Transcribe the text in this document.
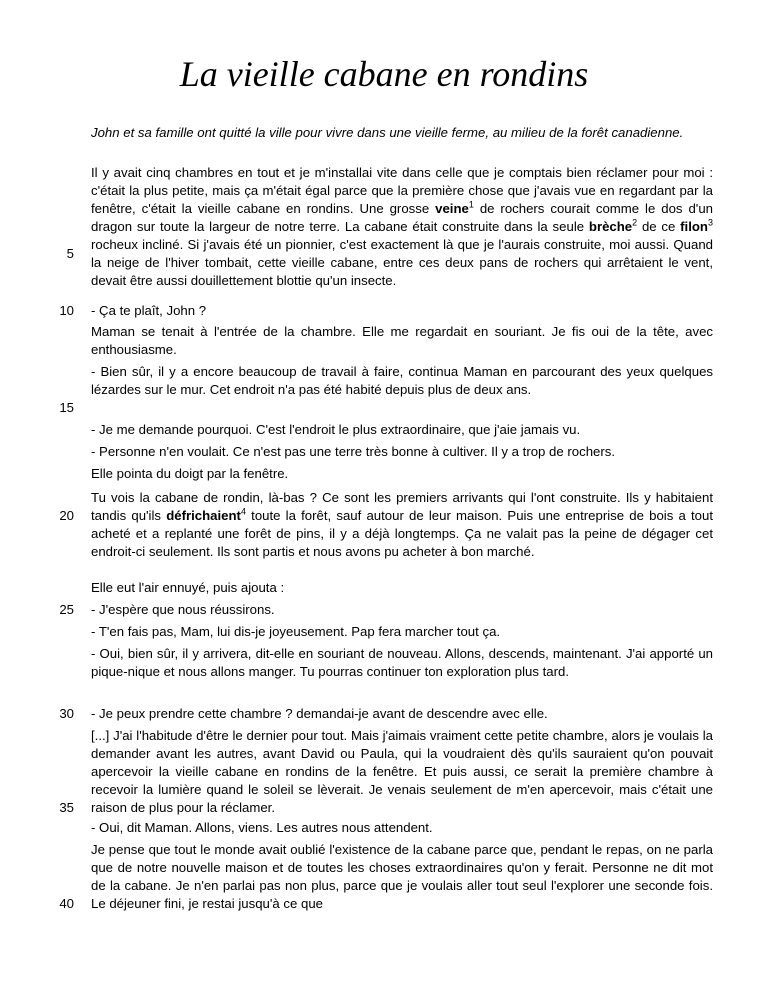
La vieille cabane en rondins

John et sa famille ont quitté la ville pour vivre dans une vieille ferme, au milieu de la forêt canadienne.

Il y avait cinq chambres en tout et je m'installai vite dans celle que je comptais bien réclamer pour moi : c'était la plus petite, mais ça m'était égal parce que la première chose que j'avais vue en regardant par la fenêtre, c'était la vieille cabane en rondins. Une grosse veine$^1$ de rochers courait comme le dos d'un dragon sur toute la largeur de notre terre. La cabane était construite dans la seule brèche$^2$ de ce filon$^3$ rocheux incliné. Si j'avais été un pionnier, c'est exactement là que je l'aurais construite, moi aussi. Quand la neige de l'hiver tombait, cette vieille cabane, entre ces deux pans de rochers qui arrêtaient le vent, devait être aussi douillettement blottie qu'un insecte.

- Ça te plaît, John ?

Maman se tenait à l'entrée de la chambre. Elle me regardait en souriant. Je fis oui de la tête, avec enthousiasme.

- Bien sûr, il y a encore beaucoup de travail à faire, continua Maman en parcourant des yeux quelques lézardes sur le mur. Cet endroit n'a pas été habité depuis plus de deux ans.

- Je me demande pourquoi. C'est l'endroit le plus extraordinaire, que j'aie jamais vu.

- Personne n'en voulait. Ce n'est pas une terre très bonne à cultiver. Il y a trop de rochers.

Elle pointa du doigt par la fenêtre.

Tu vois la cabane de rondin, là-bas ? Ce sont les premiers arrivants qui l'ont construite. Ils y habitaient tandis qu'ils défrichaient$^4$ toute la forêt, sauf autour de leur maison. Puis une entreprise de bois a tout acheté et a replanté une forêt de pins, il y a déjà longtemps. Ça ne valait pas la peine de dégager cet endroit-ci seulement. Ils sont partis et nous avons pu acheter à bon marché.

Elle eut l'air ennuyé, puis ajouta :

- J'espère que nous réussirons.

- T'en fais pas, Mam, lui dis-je joyeusement. Pap fera marcher tout ça.

- Oui, bien sûr, il y arrivera, dit-elle en souriant de nouveau. Allons, descends, maintenant. J'ai apporté un pique-nique et nous allons manger. Tu pourras continuer ton exploration plus tard.

- Je peux prendre cette chambre ? demandai-je avant de descendre avec elle.

[...] J'ai l'habitude d'être le dernier pour tout. Mais j'aimais vraiment cette petite chambre, alors je voulais la demander avant les autres, avant David ou Paula, qui la voudraient dès qu'ils sauraient qu'on pouvait apercevoir la vieille cabane en rondins de la fenêtre. Et puis aussi, ce serait la première chambre à recevoir la lumière quand le soleil se lèverait. Je venais seulement de m'en apercevoir, mais c'était une raison de plus pour la réclamer.

- Oui, dit Maman. Allons, viens. Les autres nous attendent.

Je pense que tout le monde avait oublié l'existence de la cabane parce que, pendant le repas, on ne parla que de notre nouvelle maison et de toutes les choses extraordinaires qu'on y ferait. Personne ne dit mot de la cabane. Je n'en parlai pas non plus, parce que je voulais aller tout seul l'explorer une seconde fois. Le déjeuner fini, je restai jusqu'à ce que

5
10
15
20
25
30
35
40
